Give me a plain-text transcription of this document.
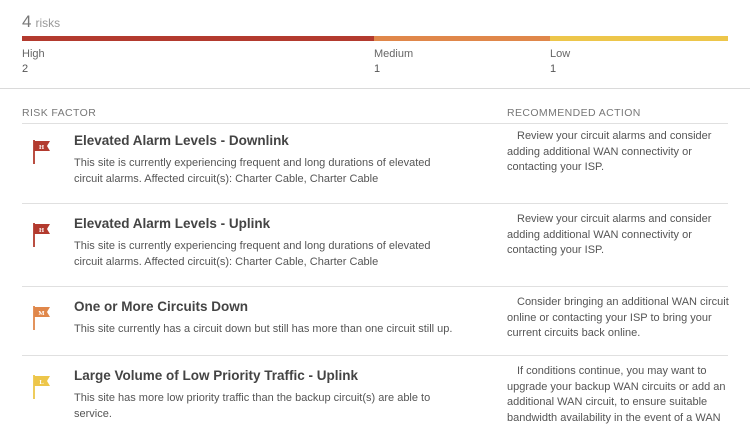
4 risks
High
2
Medium
1
Low
1
RISK FACTOR	RECOMMENDED ACTION
H Elevated Alarm Levels - Downlink
This site is currently experiencing frequent and long durations of elevated circuit alarms. Affected circuit(s): Charter Cable, Charter Cable
Review your circuit alarms and consider adding additional WAN connectivity or contacting your ISP.
H Elevated Alarm Levels - Uplink
This site is currently experiencing frequent and long durations of elevated circuit alarms. Affected circuit(s): Charter Cable, Charter Cable
Review your circuit alarms and consider adding additional WAN connectivity or contacting your ISP.
M One or More Circuits Down
This site currently has a circuit down but still has more than one circuit still up.
Consider bringing an additional WAN circuit online or contacting your ISP to bring your current circuits back online.
L Large Volume of Low Priority Traffic - Uplink
This site has more low priority traffic than the backup circuit(s) are able to service.
If conditions continue, you may want to upgrade your backup WAN circuits or add an additional WAN circuit, to ensure suitable bandwidth availability in the event of a WAN
